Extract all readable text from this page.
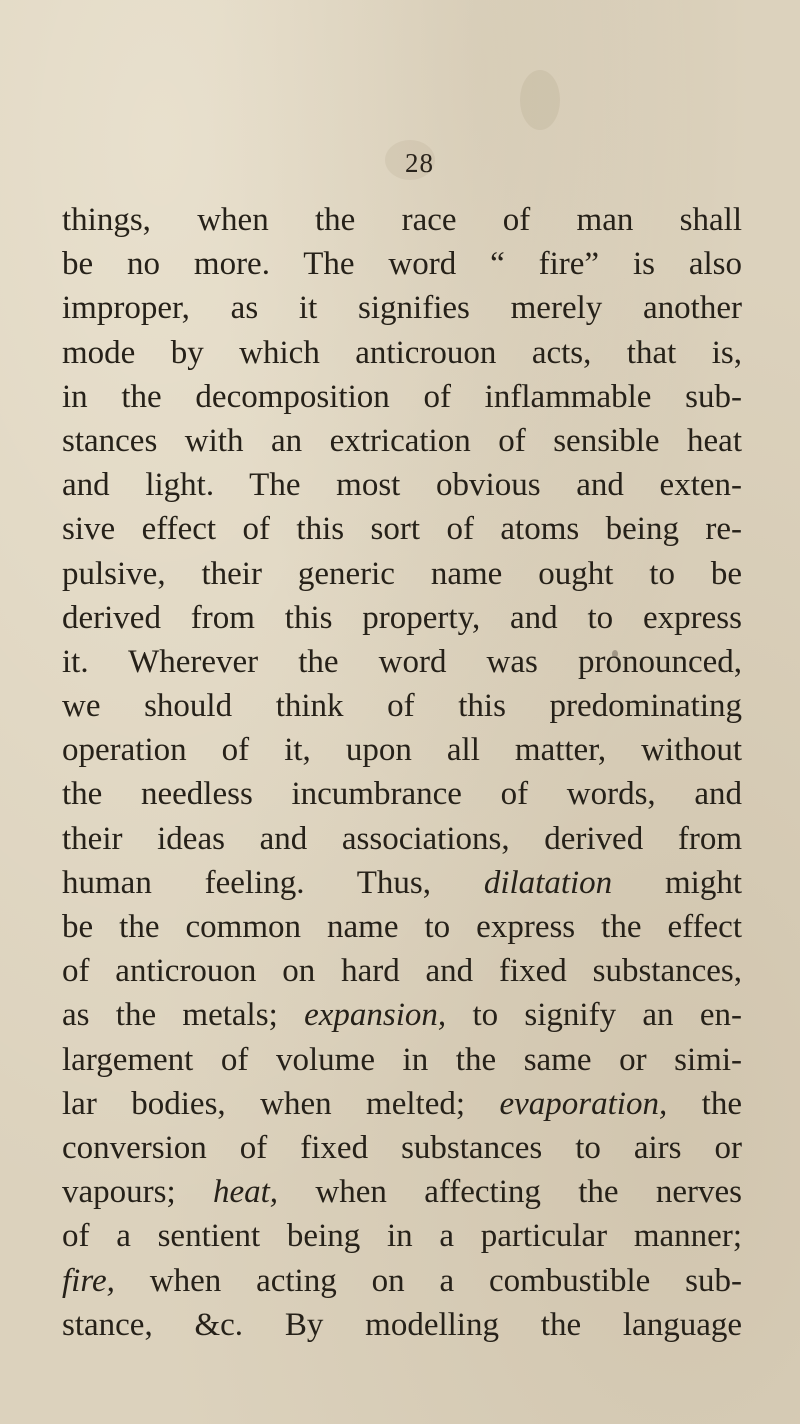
28
things, when the race of man shall
be no more. The word “ fire” is also
improper, as it signifies merely another
mode by which anticrouon acts, that is,
in the decomposition of inflammable sub-
stances with an extrication of sensible heat
and light. The most obvious and exten-
sive effect of this sort of atoms being re-
pulsive, their generic name ought to be
derived from this property, and to express
it. Wherever the word was pronounced,
we should think of this predominating
operation of it, upon all matter, without
the needless incumbrance of words, and
their ideas and associations, derived from
human feeling. Thus, dilatation might
be the common name to express the effect
of anticrouon on hard and fixed substances,
as the metals; expansion, to signify an en-
largement of volume in the same or simi-
lar bodies, when melted; evaporation, the
conversion of fixed substances to airs or
vapours; heat, when affecting the nerves
of a sentient being in a particular manner;
fire, when acting on a combustible sub-
stance, &c. By modelling the language
